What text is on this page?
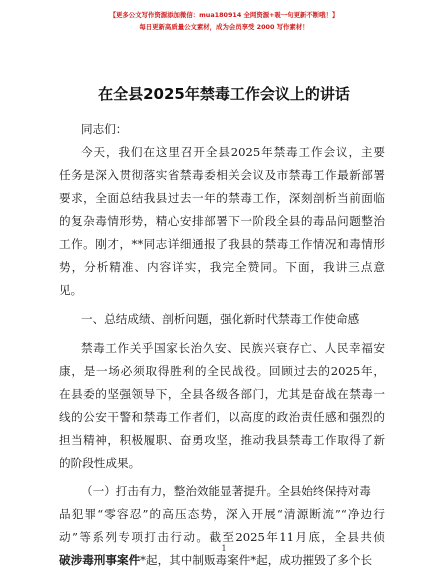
【更多公文写作资源添加微信：mua180914 全网资源+吸一句更新不断哦！】
每日更新高质量公文素材，成为会员享受 2000 写作素材！
在全县2025年禁毒工作会议上的讲话
同志们：
今天，我们在这里召开全县2025年禁毒工作会议，主要
任务是深入贯彻落实省禁毒委相关会议及市禁毒工作最新部署
要求，全面总结我县过去一年的禁毒工作，深刻剖析当前面临
的复杂毒情形势，精心安排部署下一阶段全县的毒品问题整治
工作。刚才，**同志详细通报了我县的禁毒工作情况和毒情形
势，分析精准、内容详实，我完全赞同。下面，我讲三点意
见。
一、总结成绩、剖析问题，强化新时代禁毒工作使命感
禁毒工作关乎国家长治久安、民族兴衰存亡、人民幸福安
康，是一场必须取得胜利的全民战役。回顾过去的2025年，
在县委的坚强领导下，全县各级各部门，尤其是奋战在禁毒一
线的公安干警和禁毒工作者们，以高度的政治责任感和强烈的
担当精神，积极履职、奋勇攻坚，推动我县禁毒工作取得了新
的阶段性成果。
（一）打击有力，整治效能显著提升。全县始终保持对毒
品犯罪“零容忍”的高压态势，深入开展“清源断流”“净边行
动”等系列专项打击行动。截至2025年11月底，全县共侦
破涉毒刑事案件*起，其中制贩毒案件*起，成功摧毁了多个长
1
